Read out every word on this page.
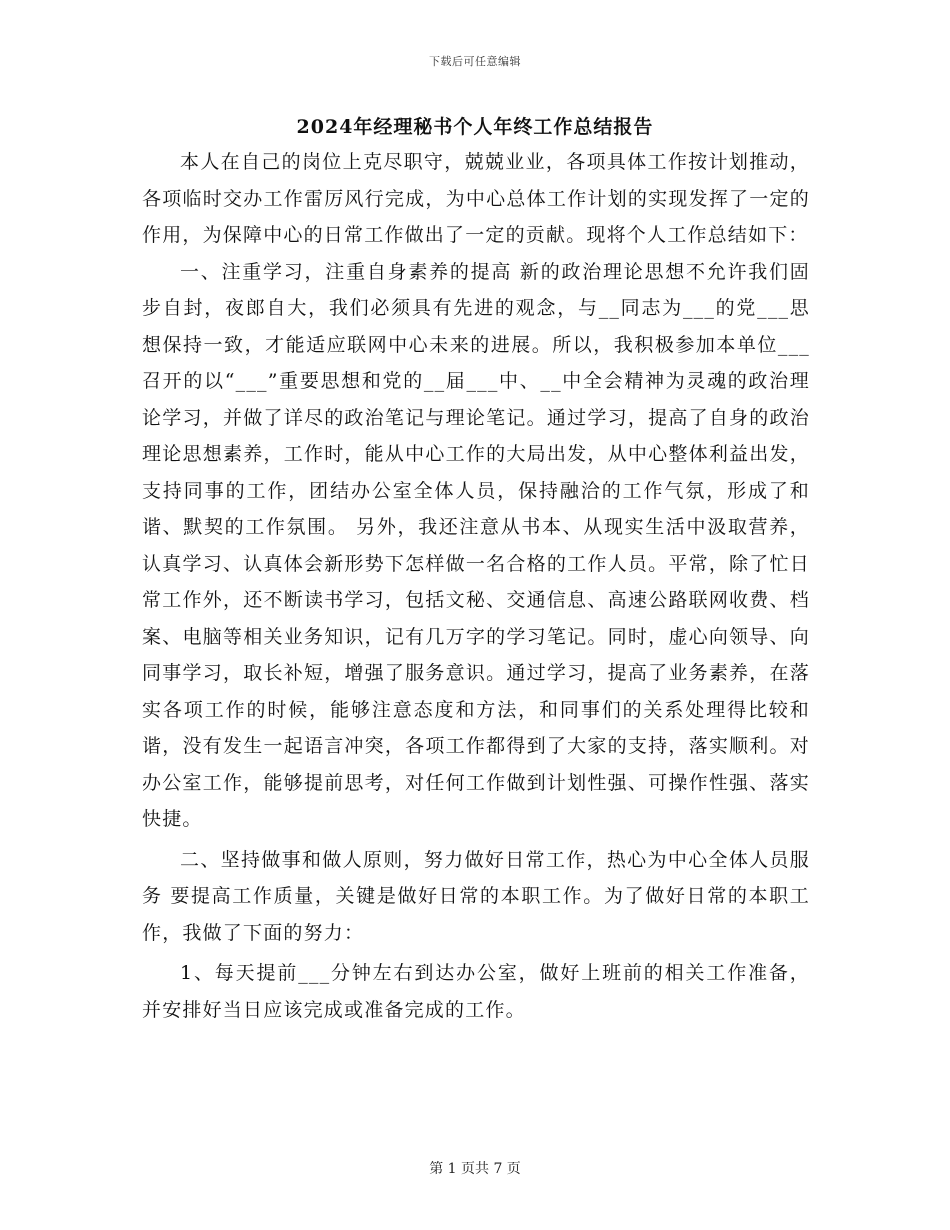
下载后可任意编辑
2024年经理秘书个人年终工作总结报告

本人在自己的岗位上克尽职守，兢兢业业，各项具体工作按计划推动，各项临时交办工作雷厉风行完成，为中心总体工作计划的实现发挥了一定的作用，为保障中心的日常工作做出了一定的贡献。现将个人工作总结如下：

一、注重学习，注重自身素养的提高 新的政治理论思想不允许我们固步自封，夜郎自大，我们必须具有先进的观念，与__同志为___的党___思想保持一致，才能适应联网中心未来的进展。所以，我积极参加本单位___召开的以“___”重要思想和党的__届___中、__中全会精神为灵魂的政治理论学习，并做了详尽的政治笔记与理论笔记。通过学习，提高了自身的政治理论思想素养，工作时，能从中心工作的大局出发，从中心整体利益出发，支持同事的工作，团结办公室全体人员，保持融洽的工作气氛，形成了和谐、默契的工作氛围。 另外，我还注意从书本、从现实生活中汲取营养，认真学习、认真体会新形势下怎样做一名合格的工作人员。平常，除了忙日常工作外，还不断读书学习，包括文秘、交通信息、高速公路联网收费、档案、电脑等相关业务知识，记有几万字的学习笔记。同时，虚心向领导、向同事学习，取长补短，增强了服务意识。通过学习，提高了业务素养，在落实各项工作的时候，能够注意态度和方法，和同事们的关系处理得比较和谐，没有发生一起语言冲突，各项工作都得到了大家的支持，落实顺利。对办公室工作，能够提前思考，对任何工作做到计划性强、可操作性强、落实快捷。

二、坚持做事和做人原则，努力做好日常工作，热心为中心全体人员服务 要提高工作质量，关键是做好日常的本职工作。为了做好日常的本职工作，我做了下面的努力：

1、每天提前___分钟左右到达办公室，做好上班前的相关工作准备，并安排好当日应该完成或准备完成的工作。

第 1 页共 7 页
